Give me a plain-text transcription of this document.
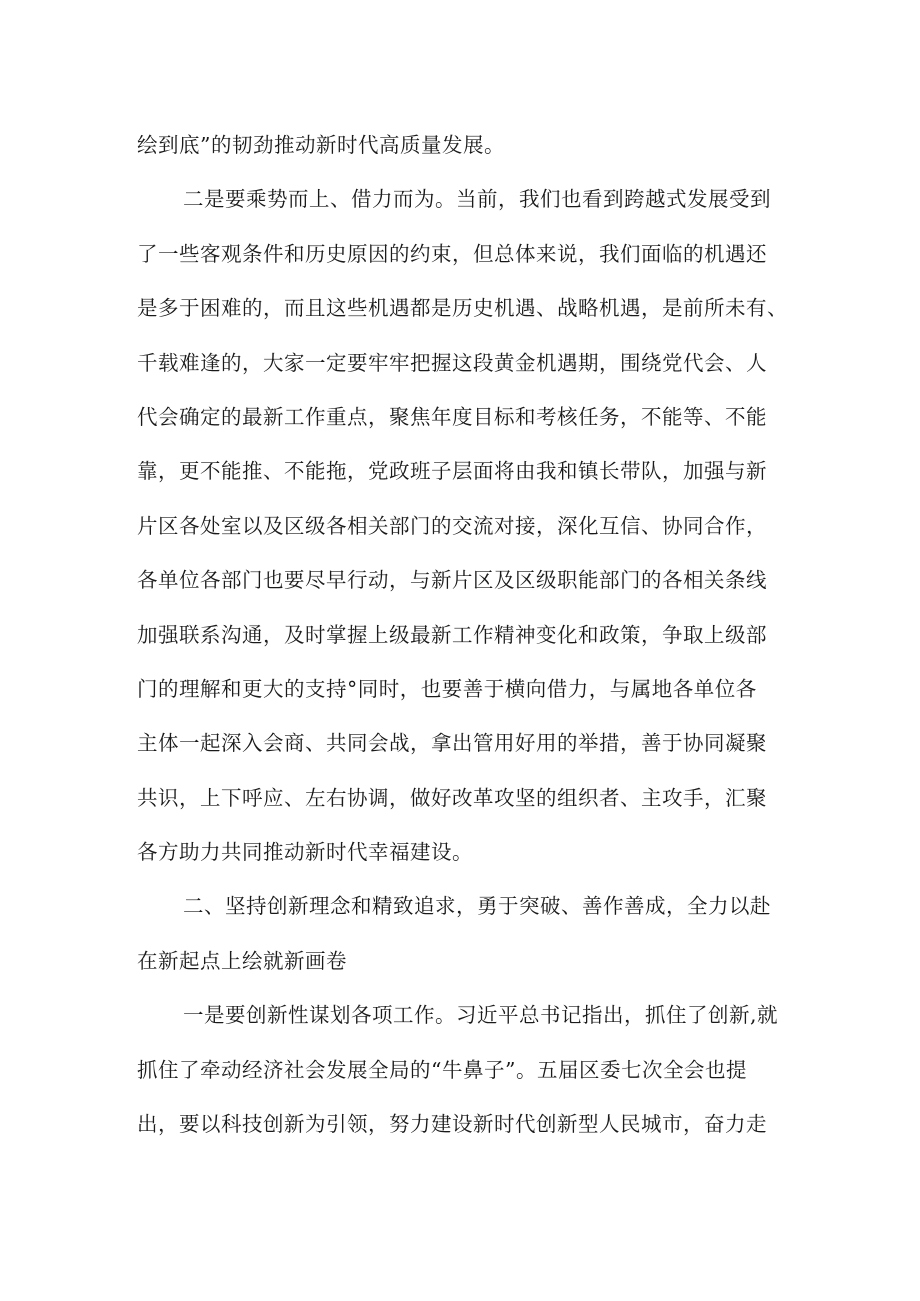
绘到底”的韧劲推动新时代高质量发展。
二是要乘势而上、借力而为。当前，我们也看到跨越式发展受到
了一些客观条件和历史原因的约束，但总体来说，我们面临的机遇还
是多于困难的，而且这些机遇都是历史机遇、战略机遇，是前所未有、
千载难逢的，大家一定要牢牢把握这段黄金机遇期，围绕党代会、人
代会确定的最新工作重点，聚焦年度目标和考核任务，不能等、不能
靠，更不能推、不能拖，党政班子层面将由我和镇长带队，加强与新
片区各处室以及区级各相关部门的交流对接，深化互信、协同合作，
各单位各部门也要尽早行动，与新片区及区级职能部门的各相关条线
加强联系沟通，及时掌握上级最新工作精神变化和政策，争取上级部
门的理解和更大的支持°同时，也要善于横向借力，与属地各单位各
主体一起深入会商、共同会战，拿出管用好用的举措，善于协同凝聚
共识，上下呼应、左右协调，做好改革攻坚的组织者、主攻手，汇聚
各方助力共同推动新时代幸福建设。
二、坚持创新理念和精致追求，勇于突破、善作善成，全力以赴
在新起点上绘就新画卷
一是要创新性谋划各项工作。习近平总书记指出，抓住了创新,就
抓住了牵动经济社会发展全局的“牛鼻子”。五届区委七次全会也提
出，要以科技创新为引领，努力建设新时代创新型人民城市，奋力走
